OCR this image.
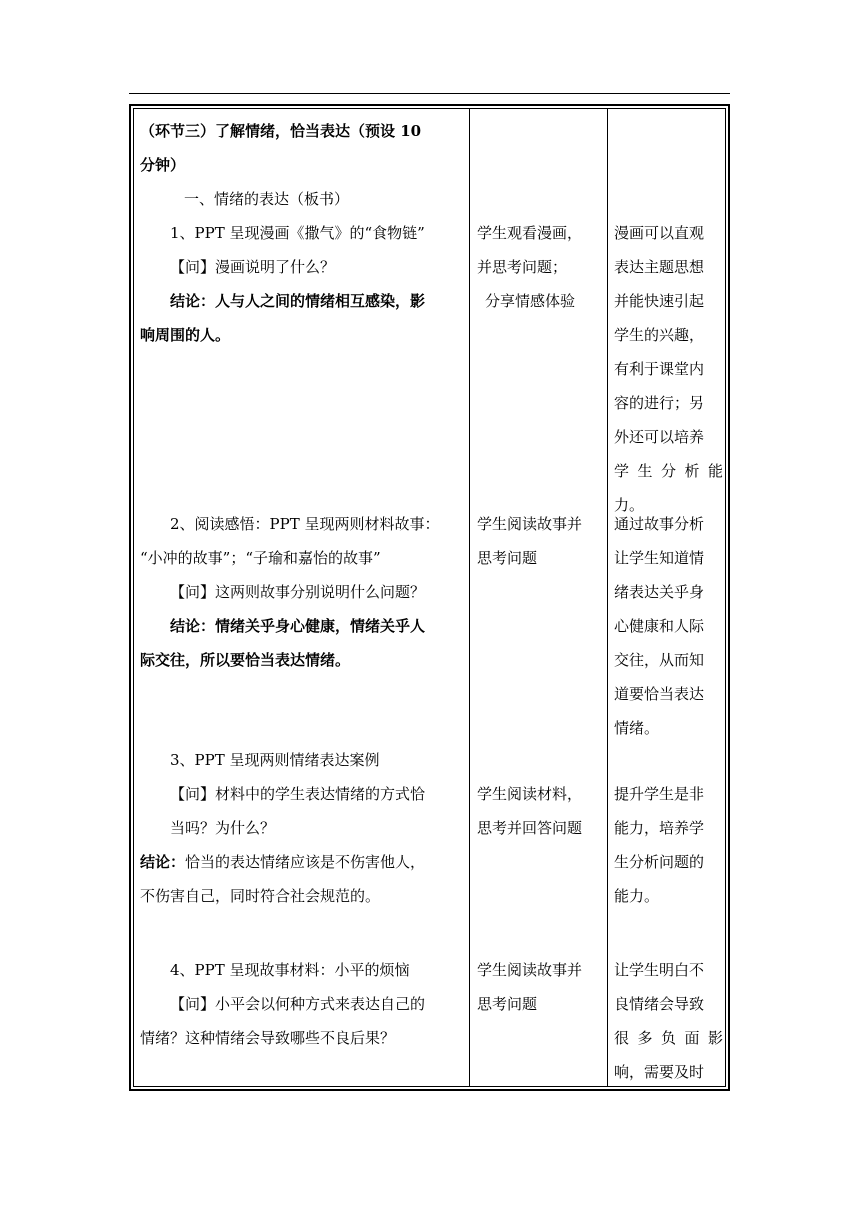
（环节三）了解情绪，恰当表达（预设 10
分钟）
一、情绪的表达（板书）
1、PPT 呈现漫画《撒气》的“食物链”
【问】漫画说明了什么？
结论：人与人之间的情绪相互感染，影
响周围的人。
2、阅读感悟：PPT 呈现两则材料故事：
“小冲的故事”；“子瑜和嘉怡的故事”
【问】这两则故事分别说明什么问题？
结论：情绪关乎身心健康，情绪关乎人
际交往，所以要恰当表达情绪。
3、PPT 呈现两则情绪表达案例
【问】材料中的学生表达情绪的方式恰
当吗？为什么？
结论：恰当的表达情绪应该是不伤害他人，
不伤害自己，同时符合社会规范的。
4、PPT 呈现故事材料：小平的烦恼
【问】小平会以何种方式来表达自己的
情绪？这种情绪会导致哪些不良后果？
学生观看漫画，
并思考问题；
分享情感体验
学生阅读故事并
思考问题
学生阅读材料，
思考并回答问题
学生阅读故事并
思考问题
漫画可以直观
表达主题思想
并能快速引起
学生的兴趣，
有利于课堂内
容的进行；另
外还可以培养
学生分析能
力。
通过故事分析
让学生知道情
绪表达关乎身
心健康和人际
交往，从而知
道要恰当表达
情绪。
提升学生是非
能力，培养学
生分析问题的
能力。
让学生明白不
良情绪会导致
很多负面影
响，需要及时
